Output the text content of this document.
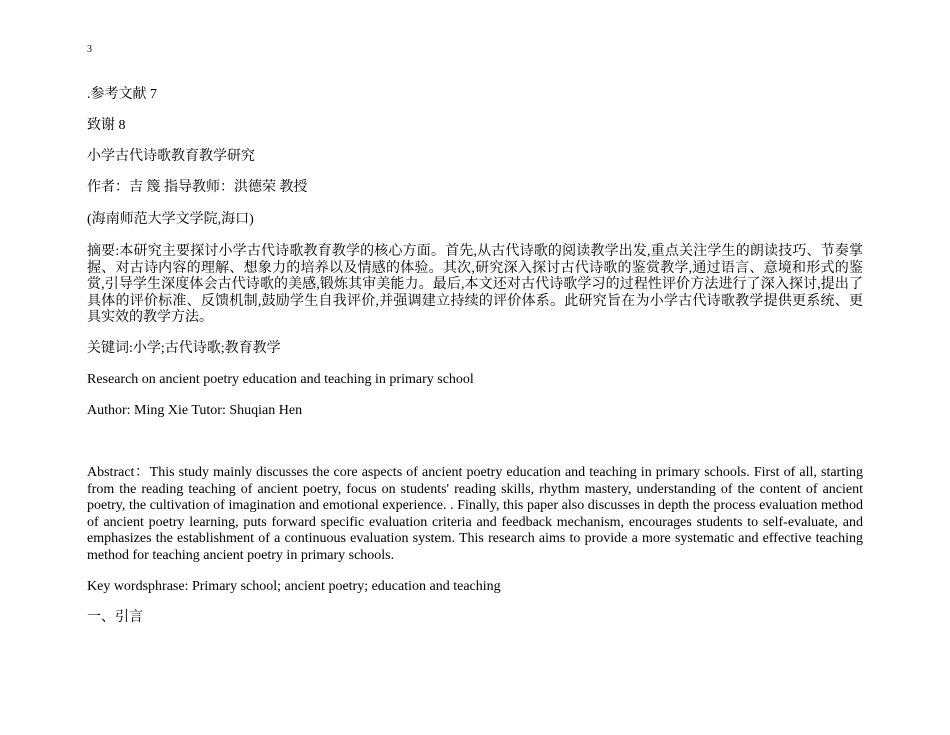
3

.参考文献 7

致谢 8

小学古代诗歌教育教学研究

作者：吉 篾 指导教师：洪德荣 教授

(海南师范大学文学院,海口)

摘要:本研究主要探讨小学古代诗歌教育教学的核心方面。首先,从古代诗歌的阅读教学出发,重点关注学生的朗读技巧、节奏掌握、对古诗内容的理解、想象力的培养以及情感的体验。其次,研究深入探讨古代诗歌的鉴赏教学,通过语言、意境和形式的鉴赏,引导学生深度体会古代诗歌的美感,锻炼其审美能力。最后,本文还对古代诗歌学习的过程性评价方法进行了深入探讨,提出了具体的评价标准、反馈机制,鼓励学生自我评价,并强调建立持续的评价体系。此研究旨在为小学古代诗歌教学提供更系统、更具实效的教学方法。

关键词:小学;古代诗歌;教育教学

Research on ancient poetry education and teaching in primary school

Author: Ming Xie Tutor: Shuqian Hen

Abstract：This study mainly discusses the core aspects of ancient poetry education and teaching in primary schools. First of all, starting from the reading teaching of ancient poetry, focus on students' reading skills, rhythm mastery, understanding of the content of ancient poetry, the cultivation of imagination and emotional experience. . Finally, this paper also discusses in depth the process evaluation method of ancient poetry learning, puts forward specific evaluation criteria and feedback mechanism, encourages students to self-evaluate, and emphasizes the establishment of a continuous evaluation system. This research aims to provide a more systematic and effective teaching method for teaching ancient poetry in primary schools.

Key wordsphrase: Primary school; ancient poetry; education and teaching

一、引言
